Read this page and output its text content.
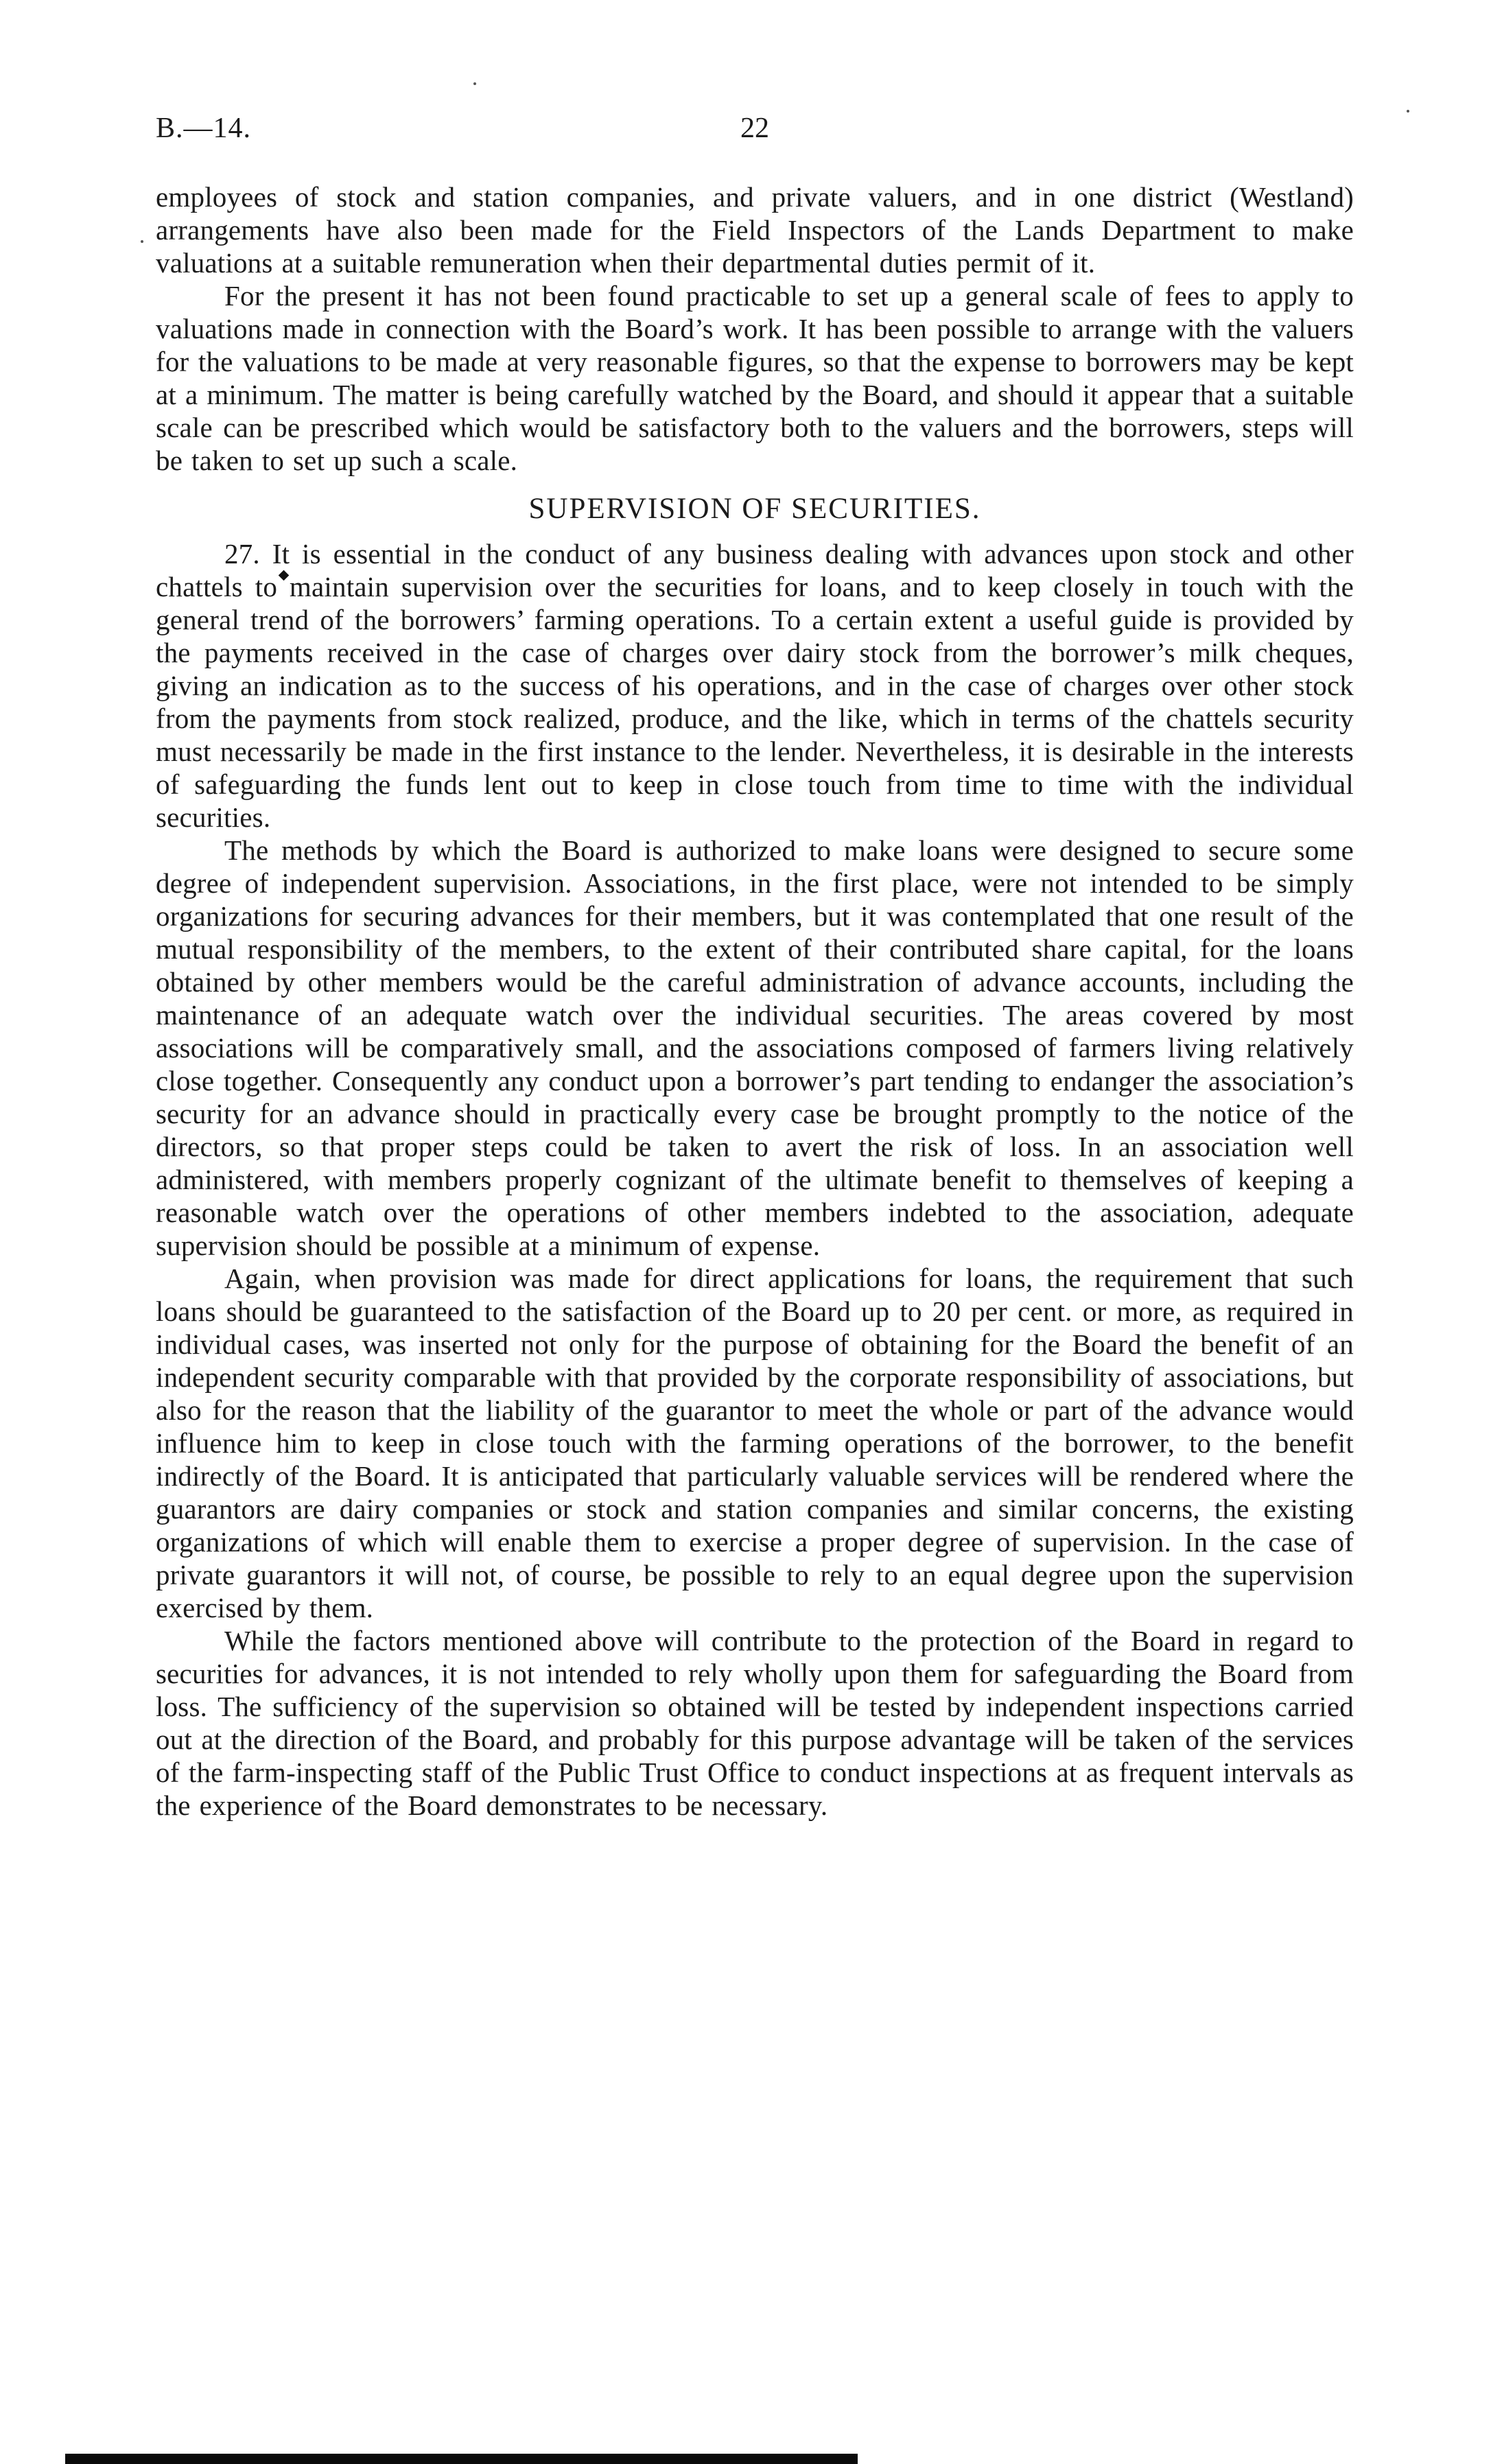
B.—14.	22

employees of stock and station companies, and private valuers, and in one district (Westland) arrangements have also been made for the Field Inspectors of the Lands Department to make valuations at a suitable remuneration when their departmental duties permit of it.

For the present it has not been found practicable to set up a general scale of fees to apply to valuations made in connection with the Board’s work. It has been possible to arrange with the valuers for the valuations to be made at very reasonable figures, so that the expense to borrowers may be kept at a minimum. The matter is being carefully watched by the Board, and should it appear that a suitable scale can be prescribed which would be satisfactory both to the valuers and the borrowers, steps will be taken to set up such a scale.

SUPERVISION OF SECURITIES.

27. It is essential in the conduct of any business dealing with advances upon stock and other chattels to maintain supervision over the securities for loans, and to keep closely in touch with the general trend of the borrowers’ farming operations. To a certain extent a useful guide is provided by the payments received in the case of charges over dairy stock from the borrower’s milk cheques, giving an indication as to the success of his operations, and in the case of charges over other stock from the payments from stock realized, produce, and the like, which in terms of the chattels security must necessarily be made in the first instance to the lender. Nevertheless, it is desirable in the interests of safeguarding the funds lent out to keep in close touch from time to time with the individual securities.

The methods by which the Board is authorized to make loans were designed to secure some degree of independent supervision. Associations, in the first place, were not intended to be simply organizations for securing advances for their members, but it was contemplated that one result of the mutual responsibility of the members, to the extent of their contributed share capital, for the loans obtained by other members would be the careful administration of advance accounts, including the maintenance of an adequate watch over the individual securities. The areas covered by most associations will be comparatively small, and the associations composed of farmers living relatively close together. Consequently any conduct upon a borrower’s part tending to endanger the association’s security for an advance should in practically every case be brought promptly to the notice of the directors, so that proper steps could be taken to avert the risk of loss. In an association well administered, with members properly cognizant of the ultimate benefit to themselves of keeping a reasonable watch over the operations of other members indebted to the association, adequate supervision should be possible at a minimum of expense.

Again, when provision was made for direct applications for loans, the requirement that such loans should be guaranteed to the satisfaction of the Board up to 20 per cent. or more, as required in individual cases, was inserted not only for the purpose of obtaining for the Board the benefit of an independent security comparable with that provided by the corporate responsibility of associations, but also for the reason that the liability of the guarantor to meet the whole or part of the advance would influence him to keep in close touch with the farming operations of the borrower, to the benefit indirectly of the Board. It is anticipated that particularly valuable services will be rendered where the guarantors are dairy companies or stock and station companies and similar concerns, the existing organizations of which will enable them to exercise a proper degree of supervision. In the case of private guarantors it will not, of course, be possible to rely to an equal degree upon the supervision exercised by them.

While the factors mentioned above will contribute to the protection of the Board in regard to securities for advances, it is not intended to rely wholly upon them for safeguarding the Board from loss. The sufficiency of the supervision so obtained will be tested by independent inspections carried out at the direction of the Board, and probably for this purpose advantage will be taken of the services of the farm-inspecting staff of the Public Trust Office to conduct inspections at as frequent intervals as the experience of the Board demonstrates to be necessary.
